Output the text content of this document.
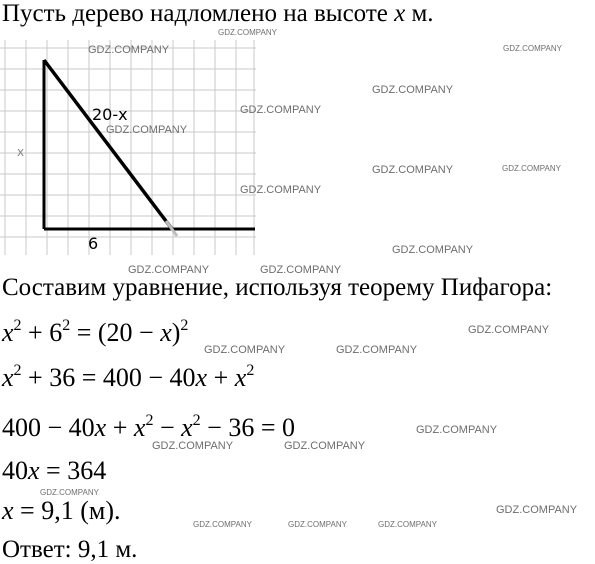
Пусть дерево надломлено на высоте x м.
20-x
6
x
Составим уравнение, используя теорему Пифагора:
$x^2 + 6^2 = (20 - x)^2$
$x^2 + 36 = 400 - 40x + x^2$
$400 - 40x + x^2 - x^2 - 36 = 0$
40x = 364
x = 9,1 (м).
Ответ: 9,1 м.
GDZ.COMPANY
GDZ.COMPANY	GDZ.COMPANY
GDZ.COMPANY
GDZ.COMPANY
GDZ.COMPANY
GDZ.COMPANY	GDZ.COMPANY
GDZ.COMPANY
GDZ.COMPANY
GDZ.COMPANY	GDZ.COMPANY
GDZ.COMPANY
GDZ.COMPANY	GDZ.COMPANY
GDZ.COMPANY
GDZ.COMPANY	GDZ.COMPANY
GDZ.COMPANY
GDZ.COMPANY
GDZ.COMPANY	GDZ.COMPANY	GDZ.COMPANY
